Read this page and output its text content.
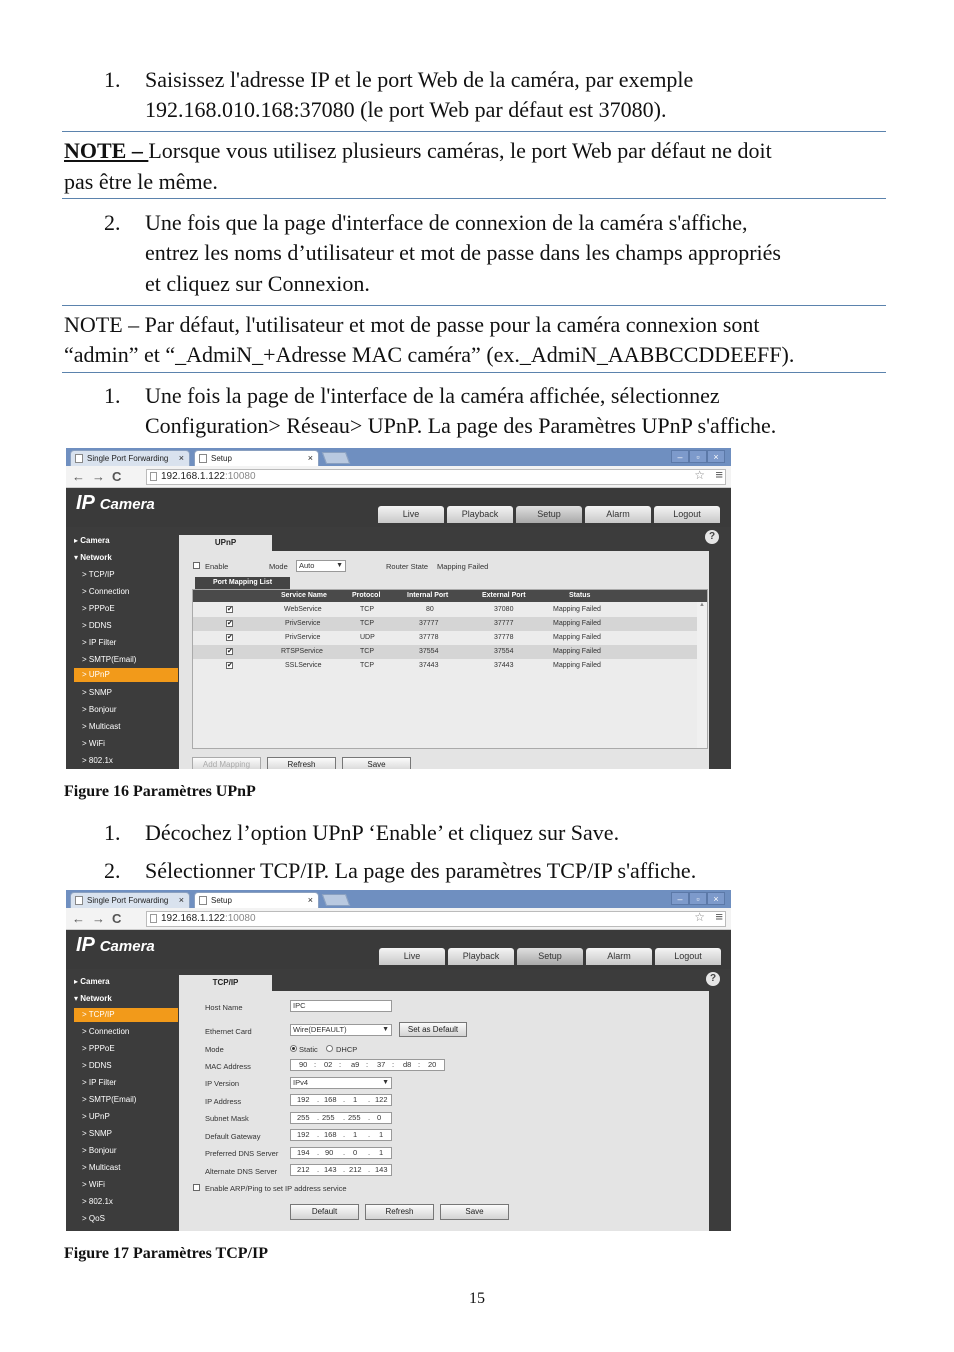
1. Saisissez l'adresse IP et le port Web de la caméra, par exemple
192.168.010.168:37080 (le port Web par défaut est 37080).
NOTE – Lorsque vous utilisez plusieurs caméras, le port Web par défaut ne doit
pas être le même.
2. Une fois que la page d'interface de connexion de la caméra s'affiche,
entrez les noms d’utilisateur et mot de passe dans les champs appropriés
et cliquez sur Connexion.
NOTE – Par défaut, l'utilisateur et mot de passe pour la caméra connexion sont
“admin” et “_AdmiN_+Adresse MAC caméra” (ex._AdmiN_AABBCCDDEEFF).
1. Une fois la page de l'interface de la caméra affichée, sélectionnez
Configuration> Réseau> UPnP. La page des Paramètres UPnP s'affiche.
Single Port Forwarding ×	Setup	×	– ▫ ×
← → C	192.168.1.122:10080	☆ ≡
IP Camera
Live	Playback	Setup	Alarm	Logout
▸ Camera
▾ Network
> TCP/IP
> Connection
> PPPoE
> DDNS
> IP Filter
> SMTP(Email)
> UPnP
> SNMP
> Bonjour
> Multicast
> WiFi
> 802.1x
?
UPnP
Enable	Mode	Auto	▼	Router State Mapping Failed
Port Mapping List
Service Name	Protocol	Internal Port	External Port	Status
✔	WebService	TCP	80	37080	Mapping Failed
✔	PrivService	TCP	37777	37777	Mapping Failed
✔	PrivService	UDP	37778	37778	Mapping Failed
✔	RTSPService	TCP	37554	37554	Mapping Failed
✔	SSLService	TCP	37443	37443	Mapping Failed
▲
Add Mapping	Refresh	Save
Figure 16 Paramètres UPnP
1. Décochez l’option UPnP ‘Enable’ et cliquez sur Save.
2. Sélectionner TCP/IP. La page des paramètres TCP/IP s'affiche.
Single Port Forwarding ×	Setup	×	– ▫ ×
← → C	192.168.1.122:10080	☆ ≡
IP Camera
Live	Playback	Setup	Alarm	Logout
▸ Camera
▾ Network
> TCP/IP
> Connection
> PPPoE
> DDNS
> IP Filter
> SMTP(Email)
> UPnP
> SNMP
> Bonjour
> Multicast
> WiFi
> 802.1x
> QoS
?
TCP/IP
Host Name	IPC
Ethernet Card	Wire(DEFAULT)	▼	Set as Default
Mode	Static DHCP
MAC Address	90 : 02 : a9 : 37 : d8 : 20
IP Version	IPv4	▼
IP Address	192 . 168 . 1 . 122
Subnet Mask	255 . 255 . 255 . 0
Default Gateway	192 . 168 . 1 . 1
Preferred DNS Server 194 . 90 . 0 . 1
Alternate DNS Server	212 . 143 . 212 . 143
Enable ARP/Ping to set IP address service
Default	Refresh	Save
Figure 17 Paramètres TCP/IP
15
